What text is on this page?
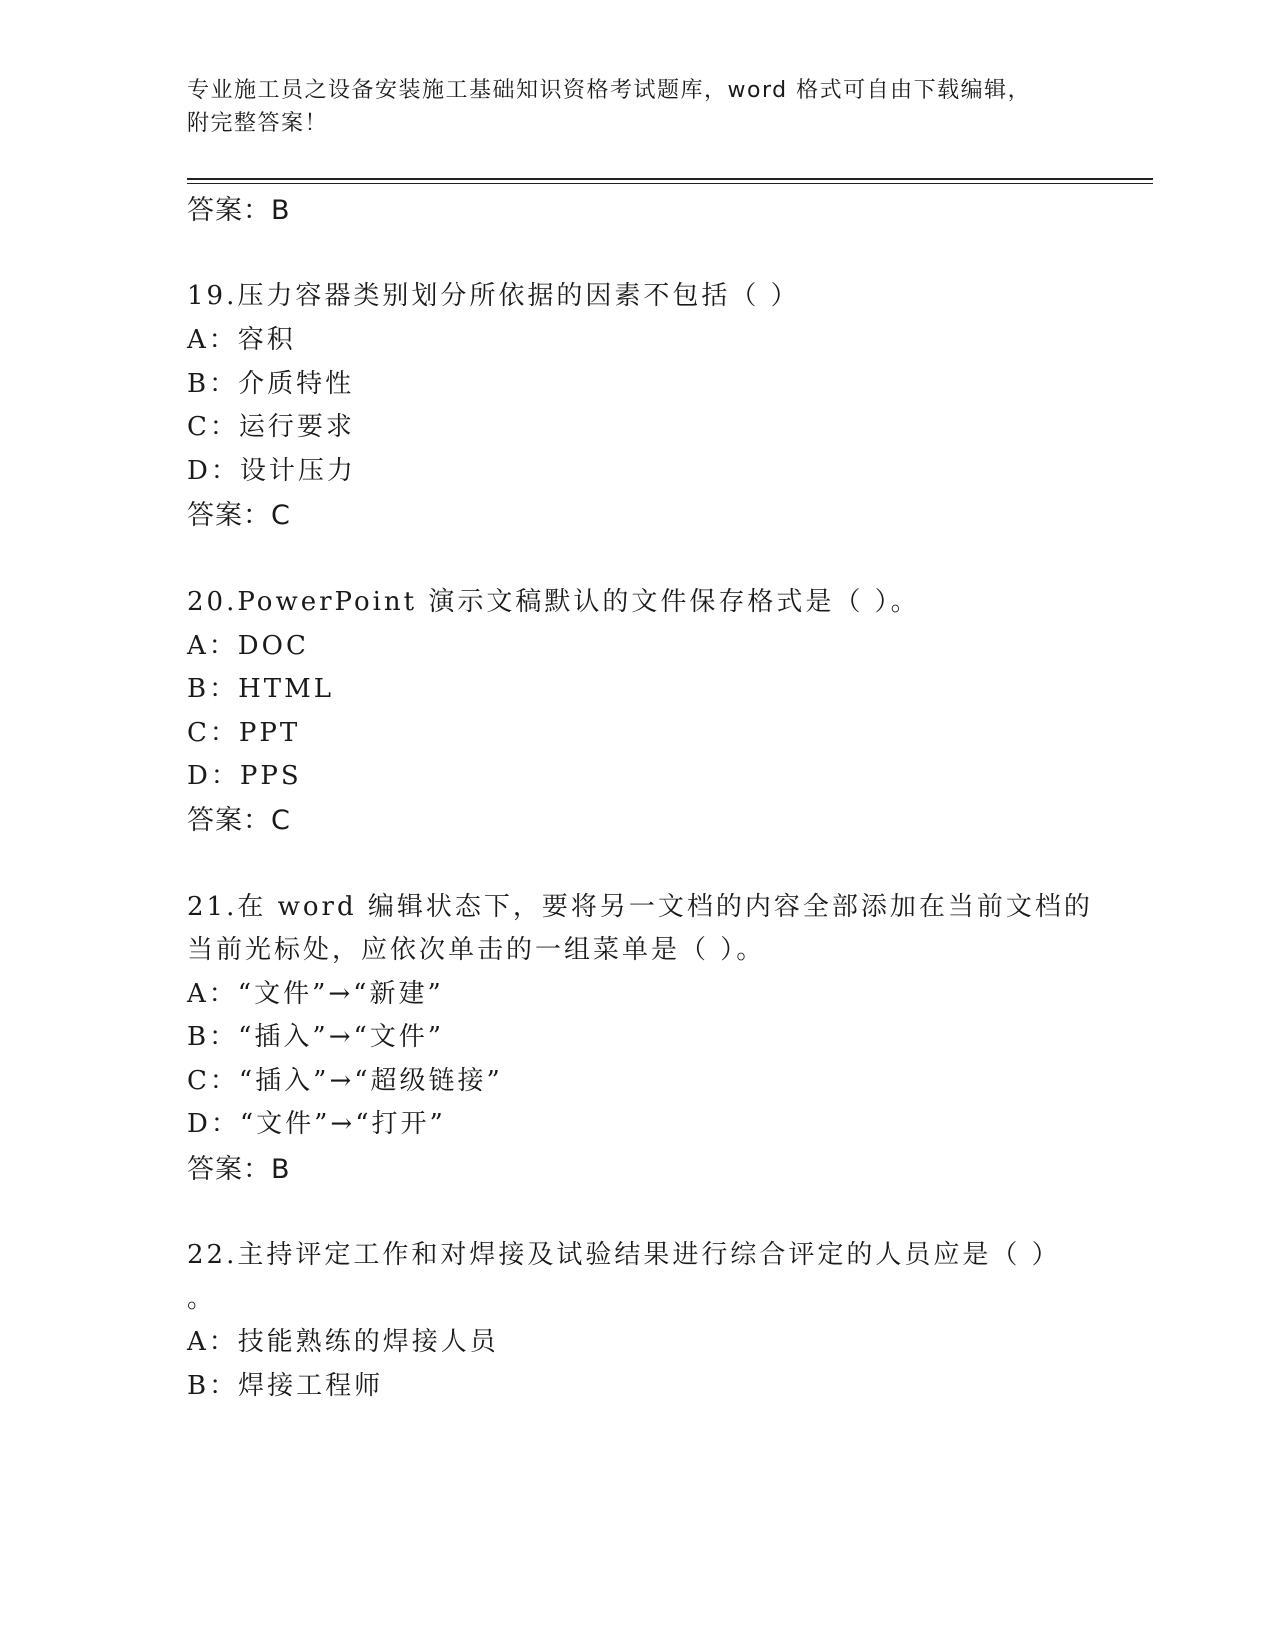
专业施工员之设备安装施工基础知识资格考试题库，word 格式可自由下载编辑，
附完整答案！
答案：B
19.压力容器类别划分所依据的因素不包括（ ）
A：容积
B：介质特性
C：运行要求
D：设计压力
答案：C
20.PowerPoint 演示文稿默认的文件保存格式是（ ）。
A：DOC
B：HTML
C：PPT
D：PPS
答案：C
21.在 word 编辑状态下，要将另一文档的内容全部添加在当前文档的
当前光标处，应依次单击的一组菜单是（ ）。
A：“文件”→“新建”
B：“插入”→“文件”
C：“插入”→“超级链接”
D：“文件”→“打开”
答案：B
22.主持评定工作和对焊接及试验结果进行综合评定的人员应是（ ）
。
A：技能熟练的焊接人员
B：焊接工程师
